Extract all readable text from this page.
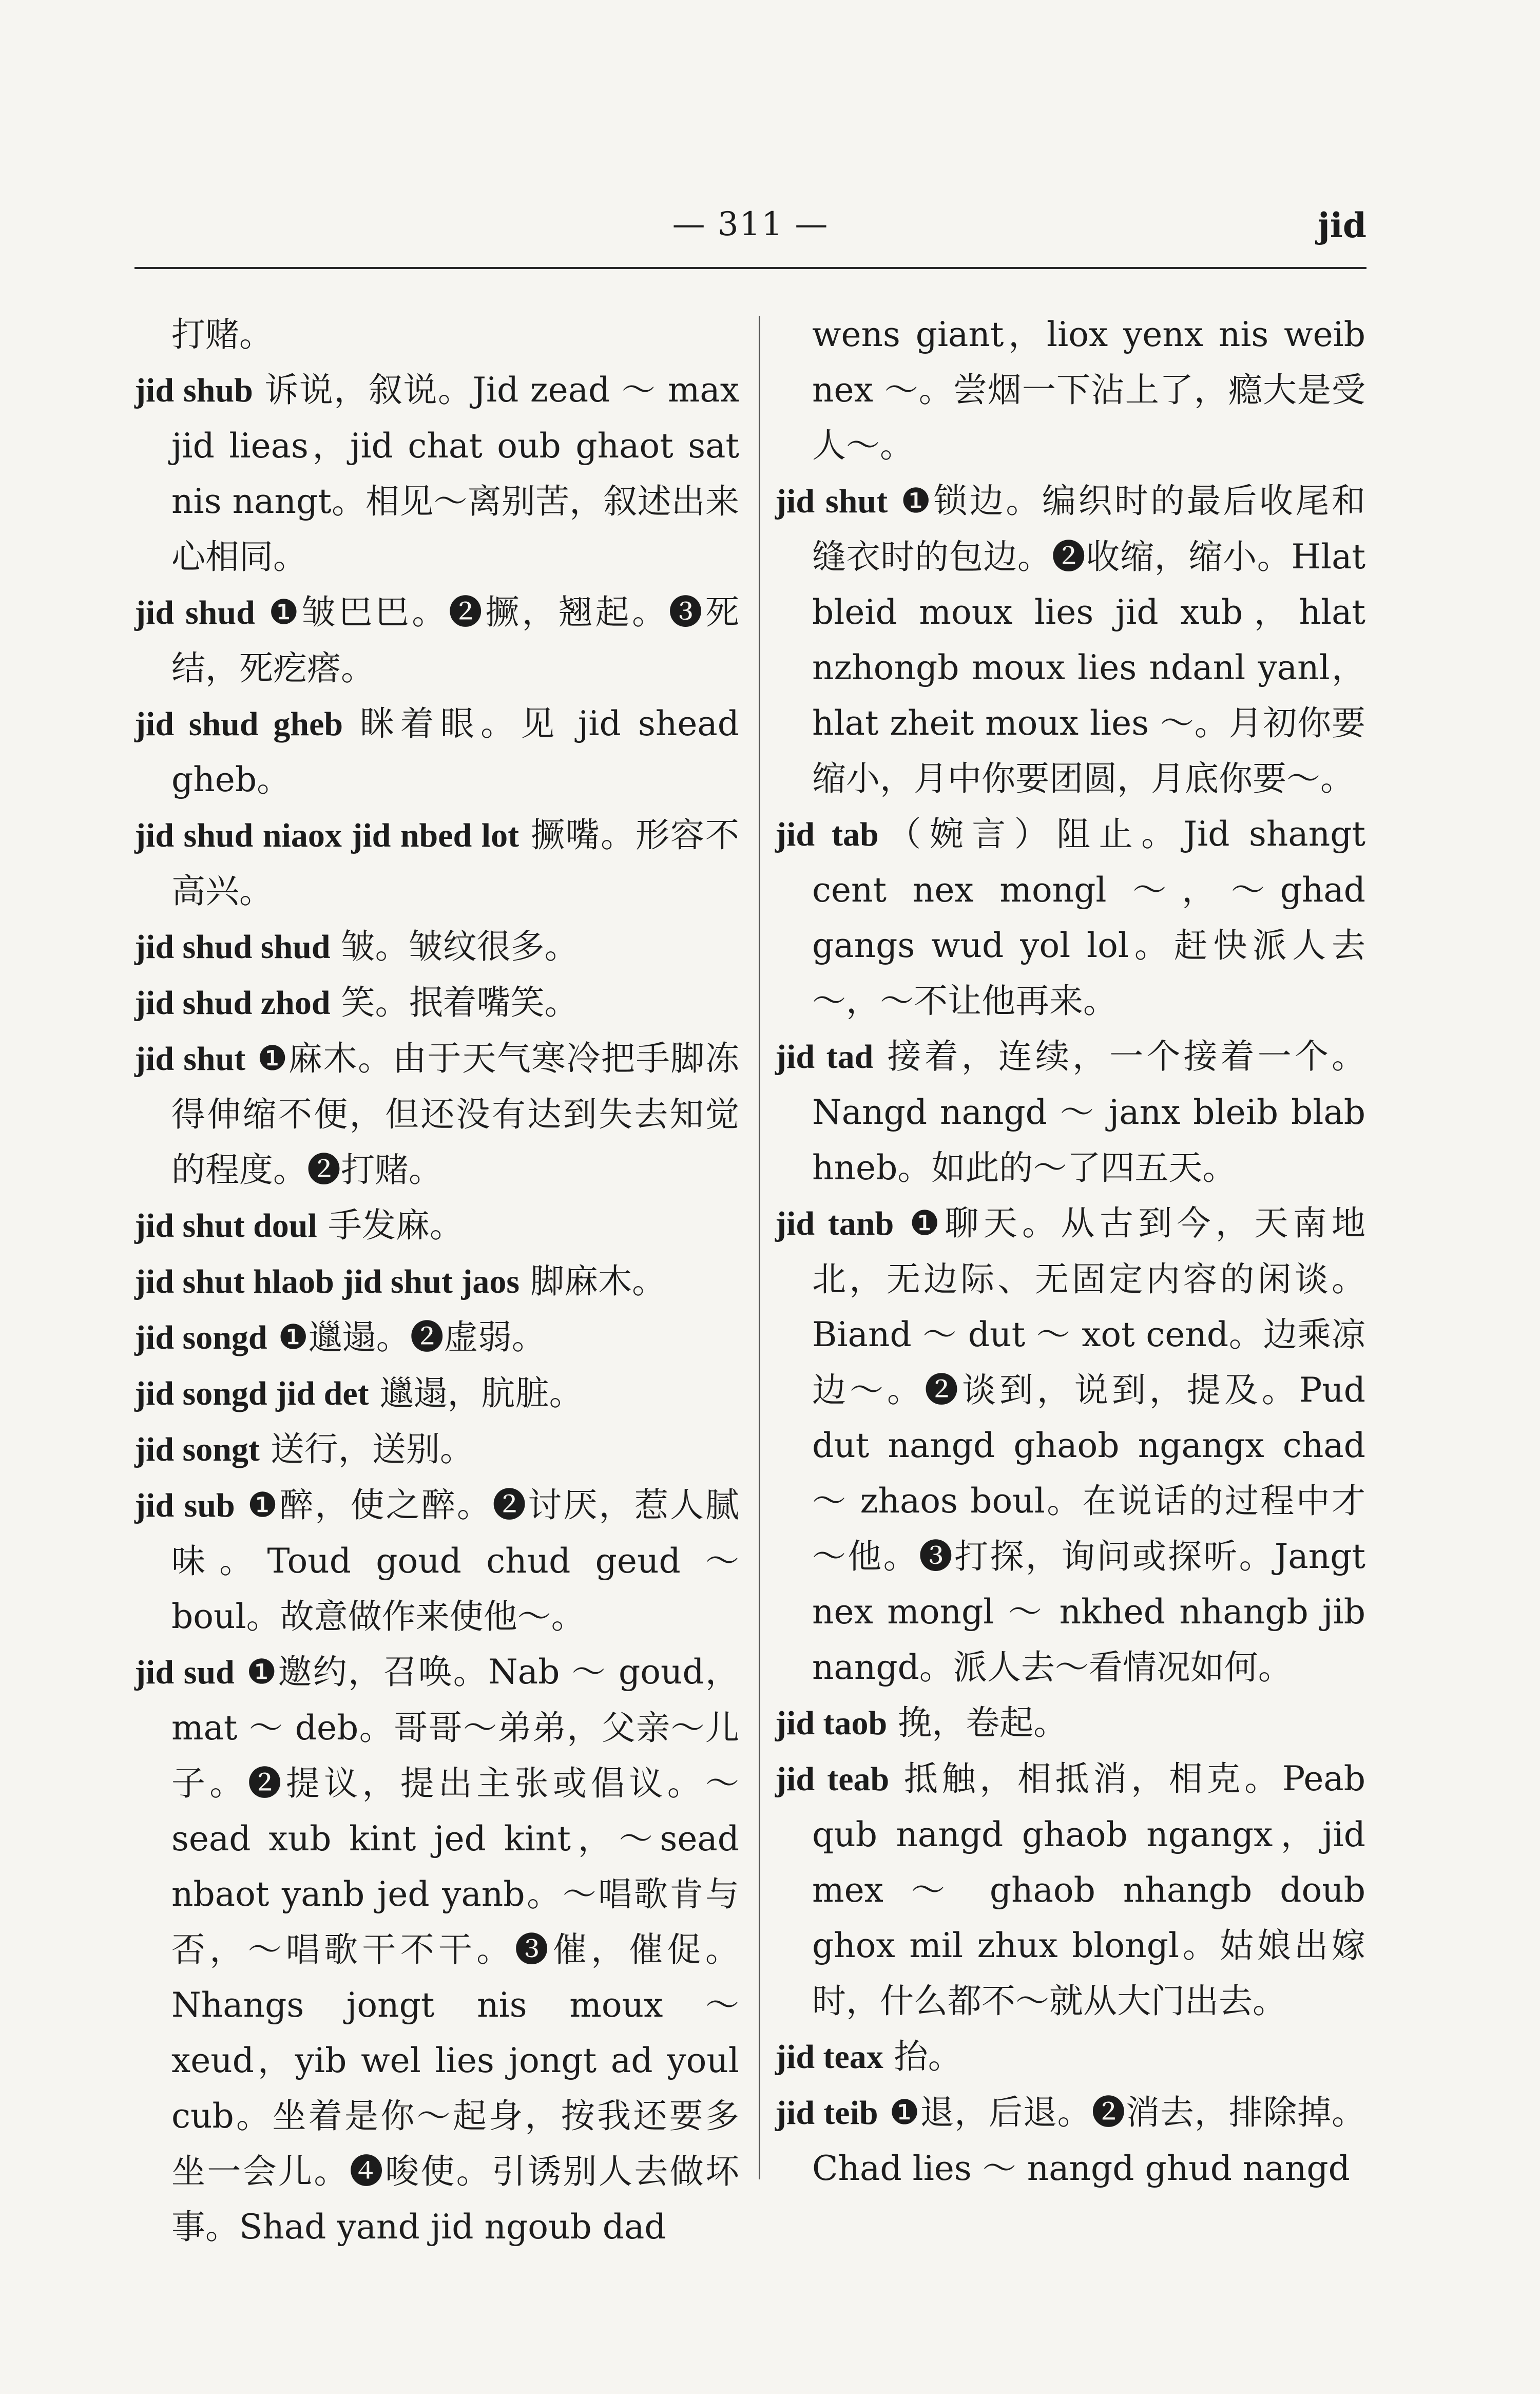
— 311 —	jid

打赌。

jid shub 诉说，叙说。Jid zead ～ max jid lieas，jid chat oub ghaot sat nis nangt。相见～离别苦，叙述出来心相同。

jid shud ❶皱巴巴。❷撅，翘起。❸死结，死疙瘩。

jid shud gheb 眯着眼。见 jid shead gheb。

jid shud niaox jid nbed lot 撅嘴。形容不高兴。

jid shud shud 皱。皱纹很多。

jid shud zhod 笑。抿着嘴笑。

jid shut ❶麻木。由于天气寒冷把手脚冻得伸缩不便，但还没有达到失去知觉的程度。❷打赌。

jid shut doul 手发麻。

jid shut hlaob jid shut jaos 脚麻木。

jid songd ❶邋遢。❷虚弱。

jid songd jid det 邋遢，肮脏。

jid songt 送行，送别。

jid sub ❶醉，使之醉。❷讨厌，惹人腻味。Toud goud chud geud ～ boul。故意做作来使他～。

jid sud ❶邀约，召唤。Nab ～ goud，mat ～ deb。哥哥～弟弟，父亲～儿子。❷提议，提出主张或倡议。～ sead xub kint jed kint，～sead nbaot yanb jed yanb。～唱歌肯与否，～唱歌干不干。❸催，催促。Nhangs jongt nis moux ～ xeud，yib wel lies jongt ad youl cub。坐着是你～起身，按我还要多坐一会儿。❹唆使。引诱别人去做坏事。Shad yand jid ngoub dad

wens giant，liox yenx nis weib nex ～。尝烟一下沾上了，瘾大是受人～。

jid shut ❶锁边。编织时的最后收尾和缝衣时的包边。❷收缩，缩小。Hlat bleid moux lies jid xub，hlat nzhongb moux lies ndanl yanl，hlat zheit moux lies ～。月初你要缩小，月中你要团圆，月底你要～。

jid tab（婉言）阻止。Jid shangt cent nex mongl ～，～ghad gangs wud yol lol。赶快派人去～，～不让他再来。

jid tad 接着，连续，一个接着一个。Nangd nangd ～ janx bleib blab hneb。如此的～了四五天。

jid tanb ❶聊天。从古到今，天南地北，无边际、无固定内容的闲谈。Biand ～ dut ～ xot cend。边乘凉边～。❷谈到，说到，提及。Pud dut nangd ghaob ngangx chad ～ zhaos boul。在说话的过程中才～他。❸打探，询问或探听。Jangt nex mongl ～ nkhed nhangb jib nangd。派人去～看情况如何。

jid taob 挽，卷起。

jid teab 抵触，相抵消，相克。Peab qub nangd ghaob ngangx，jid mex ～ ghaob nhangb doub ghox mil zhux blongl。姑娘出嫁时，什么都不～就从大门出去。

jid teax 抬。

jid teib ❶退，后退。❷消去，排除掉。Chad lies ～ nangd ghud nangd
